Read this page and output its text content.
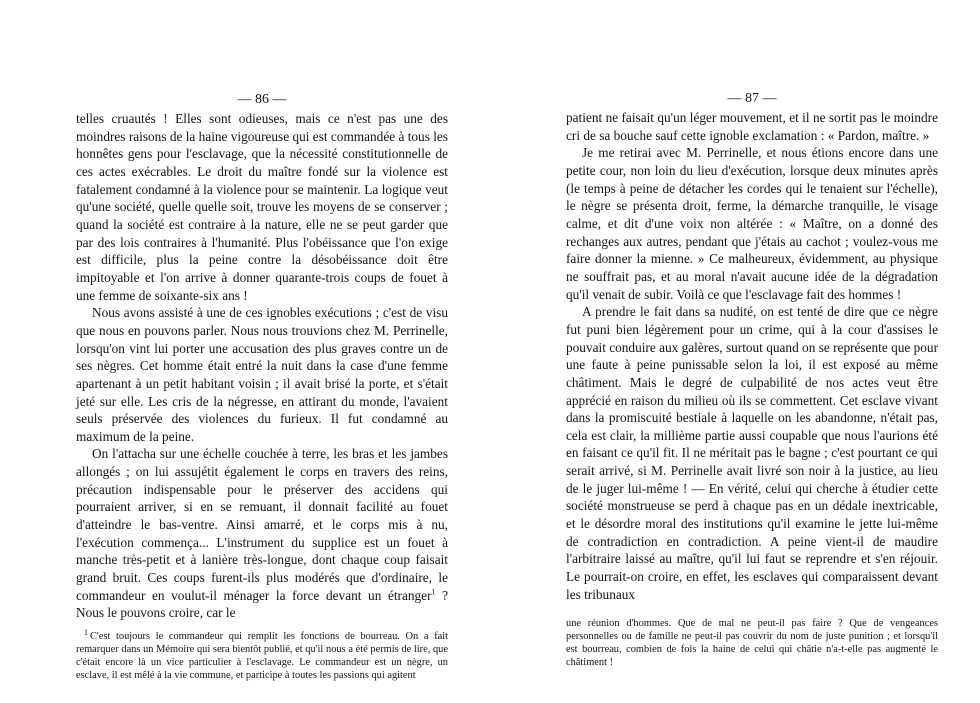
— 86 —

telles cruautés ! Elles sont odieuses, mais ce n'est pas une des moindres raisons de la haine vigoureuse qui est commandée à tous les honnêtes gens pour l'esclavage, que la nécessité constitutionnelle de ces actes exécrables. Le droit du maître fondé sur la violence est fatalement condamné à la violence pour se maintenir. La logique veut qu'une société, quelle quelle soit, trouve les moyens de se conserver ; quand la société est contraire à la nature, elle ne se peut garder que par des lois contraires à l'humanité. Plus l'obéissance que l'on exige est difficile, plus la peine contre la désobéissance doit être impitoyable et l'on arrive à donner quarante-trois coups de fouet à une femme de soixante-six ans !

Nous avons assisté à une de ces ignobles exécutions ; c'est de visu que nous en pouvons parler. Nous nous trouvions chez M. Perrinelle, lorsqu'on vint lui porter une accusation des plus graves contre un de ses nègres. Cet homme était entré la nuit dans la case d'une femme apartenant à un petit habitant voisin ; il avait brisé la porte, et s'était jeté sur elle. Les cris de la négresse, en attirant du monde, l'avaient seuls préservée des violences du furieux. Il fut condamné au maximum de la peine.

On l'attacha sur une échelle couchée à terre, les bras et les jambes allongés ; on lui assujétit également le corps en travers des reins, précaution indispensable pour le préserver des accidens qui pourraient arriver, si en se remuant, il donnait facilité au fouet d'atteindre le bas-ventre. Ainsi amarré, et le corps mis à nu, l'exécution commença... L'instrument du supplice est un fouet à manche très-petit et à lanière très-longue, dont chaque coup faisait grand bruit. Ces coups furent-ils plus modérés que d'ordinaire, le commandeur en voulut-il ménager la force devant un étranger$^1$ ? Nous le pouvons croire, car le

$^1$ C'est toujours le commandeur qui remplit les fonctions de bourreau. On a fait remarquer dans un Mémoire qui sera bientôt publié, et qu'il nous a été permis de lire, que c'était encore là un vice particulier à l'esclavage. Le commandeur est un nègre, un esclave, il est mêlé à la vie commune, et participe à toutes les passions qui agitent

— 87 —

patient ne faisait qu'un léger mouvement, et il ne sortit pas le moindre cri de sa bouche sauf cette ignoble exclamation : « Pardon, maître. »

Je me retirai avec M. Perrinelle, et nous étions encore dans une petite cour, non loin du lieu d'exécution, lorsque deux minutes après (le temps à peine de détacher les cordes qui le tenaient sur l'échelle), le nègre se présenta droit, ferme, la démarche tranquille, le visage calme, et dit d'une voix non altérée : « Maître, on a donné des rechanges aux autres, pendant que j'étais au cachot ; voulez-vous me faire donner la mienne. » Ce malheureux, évidemment, au physique ne souffrait pas, et au moral n'avait aucune idée de la dégradation qu'il venait de subir. Voilà ce que l'esclavage fait des hommes !

A prendre le fait dans sa nudité, on est tenté de dire que ce nègre fut puni bien légèrement pour un crime, qui à la cour d'assises le pouvait conduire aux galères, surtout quand on se représente que pour une faute à peine punissable selon la loi, il est exposé au même châtiment. Mais le degré de culpabilité de nos actes veut être apprécié en raison du milieu où ils se commettent. Cet esclave vivant dans la promiscuité bestiale à laquelle on les abandonne, n'était pas, cela est clair, la millième partie aussi coupable que nous l'aurions été en faisant ce qu'il fit. Il ne méritait pas le bagne ; c'est pourtant ce qui serait arrivé, si M. Perrinelle avait livré son noir à la justice, au lieu de le juger lui-même ! — En vérité, celui qui cherche à étudier cette société monstrueuse se perd à chaque pas en un dédale inextricable, et le désordre moral des institutions qu'il examine le jette lui-même de contradiction en contradiction. A peine vient-il de maudire l'arbitraire laissé au maître, qu'il lui faut se reprendre et s'en réjouir. Le pourrait-on croire, en effet, les esclaves qui comparaissent devant les tribunaux

une réunion d'hommes. Que de mal ne peut-il pas faire ? Que de vengeances personnelles ou de famille ne peut-il pas couvrir du nom de juste punition ; et lorsqu'il est bourreau, combien de fois la haine de celui qui châtie n'a-t-elle pas augmenté le châtiment !
